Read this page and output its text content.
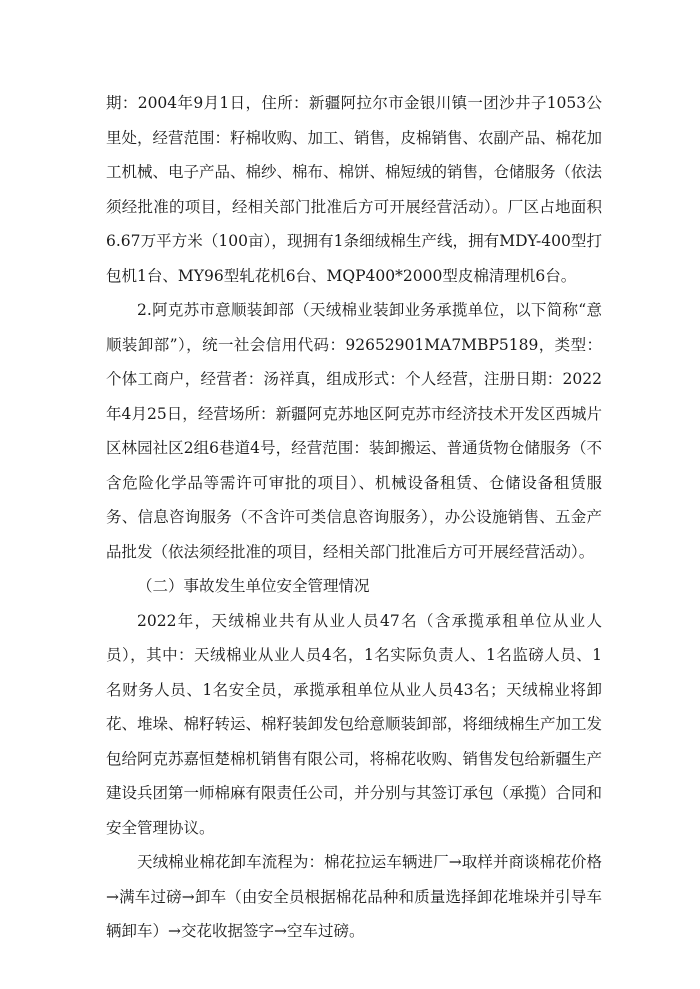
期：2004年9月1日，住所：新疆阿拉尔市金银川镇一团沙井子1053公里处，经营范围：籽棉收购、加工、销售，皮棉销售、农副产品、棉花加工机械、电子产品、棉纱、棉布、棉饼、棉短绒的销售，仓储服务（依法须经批准的项目，经相关部门批准后方可开展经营活动）。厂区占地面积6.67万平方米（100亩），现拥有1条细绒棉生产线，拥有MDY-400型打包机1台、MY96型轧花机6台、MQP400*2000型皮棉清理机6台。

2.阿克苏市意顺装卸部（天绒棉业装卸业务承揽单位，以下简称“意顺装卸部”），统一社会信用代码：92652901MA7MBP5189，类型：个体工商户，经营者：汤祥真，组成形式：个人经营，注册日期：2022年4月25日，经营场所：新疆阿克苏地区阿克苏市经济技术开发区西城片区林园社区2组6巷道4号，经营范围：装卸搬运、普通货物仓储服务（不含危险化学品等需许可审批的项目）、机械设备租赁、仓储设备租赁服务、信息咨询服务（不含许可类信息咨询服务），办公设施销售、五金产品批发（依法须经批准的项目，经相关部门批准后方可开展经营活动）。

（二）事故发生单位安全管理情况

2022年，天绒棉业共有从业人员47名（含承揽承租单位从业人员），其中：天绒棉业从业人员4名，1名实际负责人、1名监磅人员、1名财务人员、1名安全员，承揽承租单位从业人员43名；天绒棉业将卸花、堆垛、棉籽转运、棉籽装卸发包给意顺装卸部，将细绒棉生产加工发包给阿克苏嘉恒楚棉机销售有限公司，将棉花收购、销售发包给新疆生产建设兵团第一师棉麻有限责任公司，并分别与其签订承包（承揽）合同和安全管理协议。

天绒棉业棉花卸车流程为：棉花拉运车辆进厂→取样并商谈棉花价格→满车过磅→卸车（由安全员根据棉花品种和质量选择卸花堆垛并引导车辆卸车）→交花收据签字→空车过磅。
